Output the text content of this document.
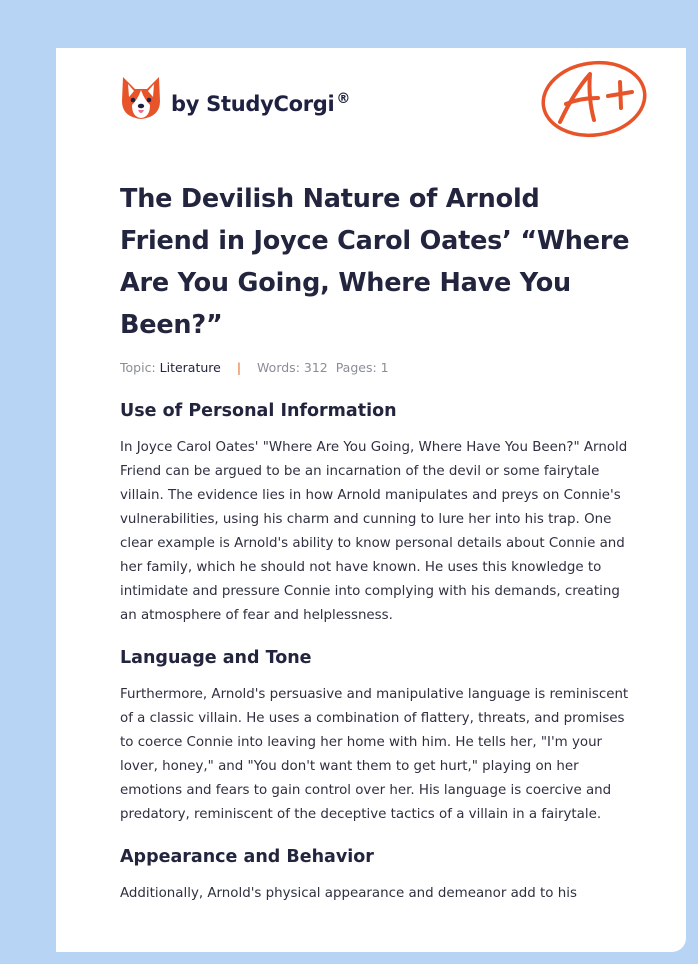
by StudyCorgi ®
The Devilish Nature of Arnold Friend in Joyce Carol Oates’ “Where Are You Going, Where Have You Been?”
Topic: Literature | Words: 312 Pages: 1
Use of Personal Information

In Joyce Carol Oates' "Where Are You Going, Where Have You Been?" Arnold Friend can be argued to be an incarnation of the devil or some fairytale villain. The evidence lies in how Arnold manipulates and preys on Connie's vulnerabilities, using his charm and cunning to lure her into his trap. One clear example is Arnold's ability to know personal details about Connie and her family, which he should not have known. He uses this knowledge to intimidate and pressure Connie into complying with his demands, creating an atmosphere of fear and helplessness.

Language and Tone

Furthermore, Arnold's persuasive and manipulative language is reminiscent of a classic villain. He uses a combination of flattery, threats, and promises to coerce Connie into leaving her home with him. He tells her, "I'm your lover, honey," and "You don't want them to get hurt," playing on her emotions and fears to gain control over her. His language is coercive and predatory, reminiscent of the deceptive tactics of a villain in a fairytale.

Appearance and Behavior

Additionally, Arnold's physical appearance and demeanor add to his
